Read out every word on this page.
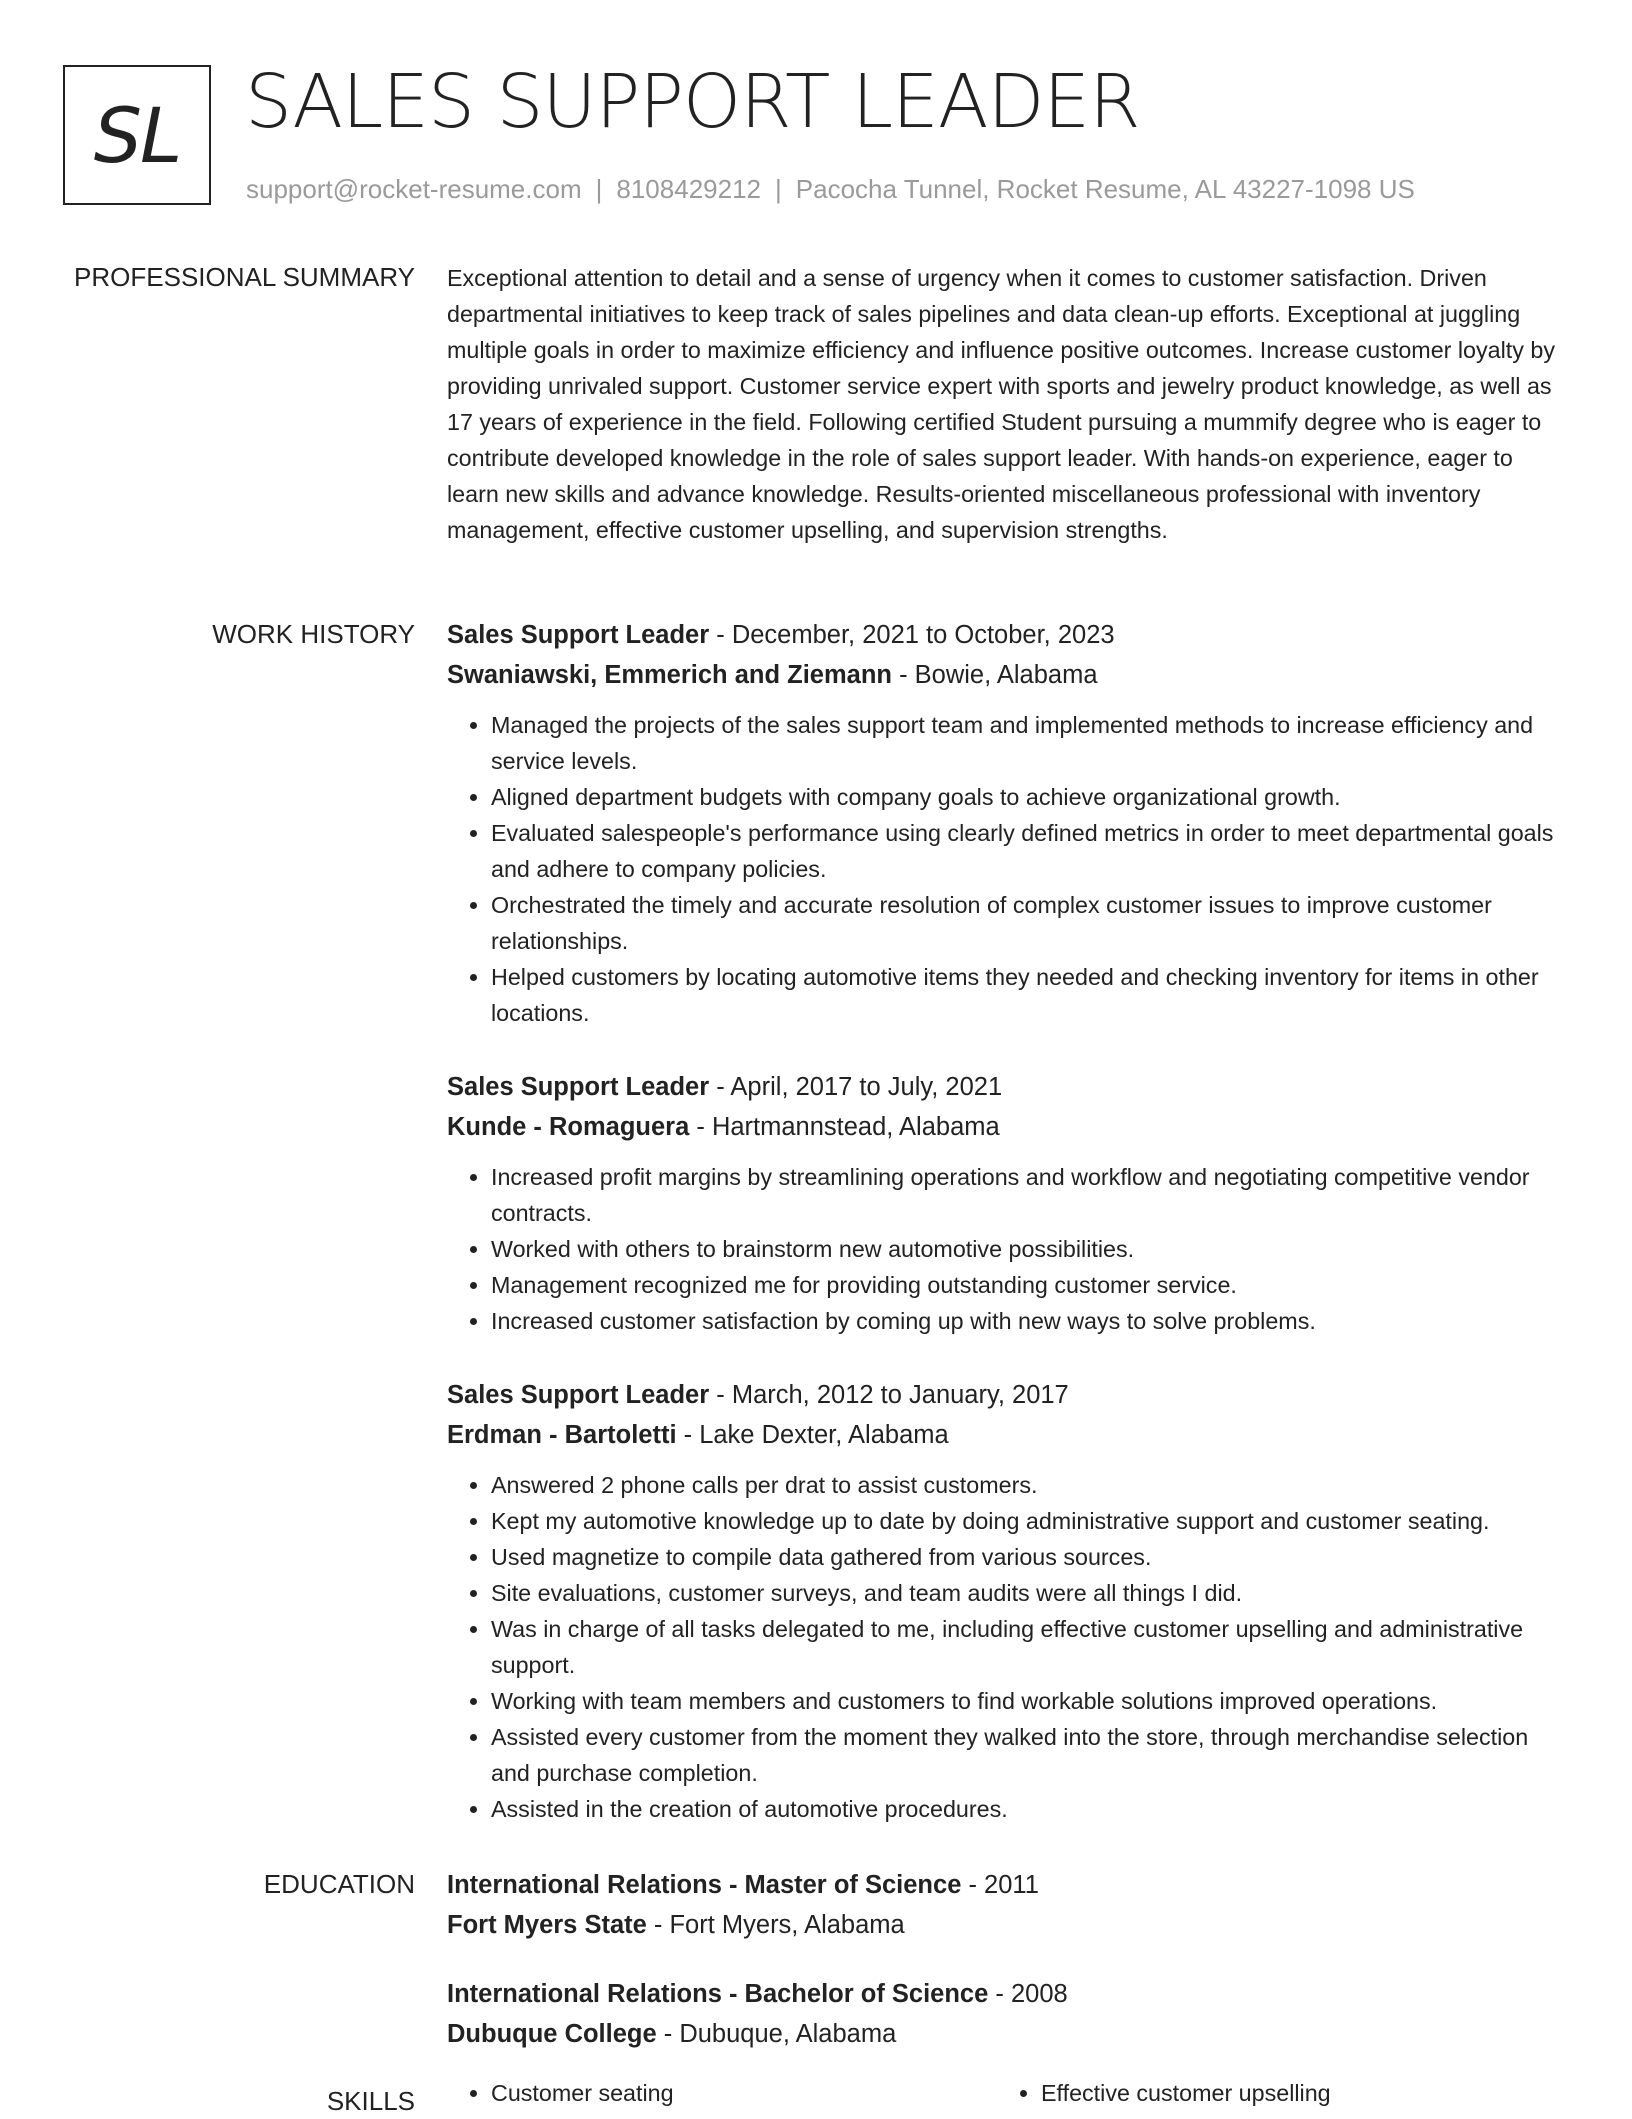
SL SALES SUPPORT LEADER
support@rocket-resume.com | 8108429212 | Pacocha Tunnel, Rocket Resume, AL 43227-1098 US
PROFESSIONAL SUMMARY Exceptional attention to detail and a sense of urgency when it comes to customer satisfaction. Driven departmental initiatives to keep track of sales pipelines and data clean-up efforts. Exceptional at juggling multiple goals in order to maximize efficiency and influence positive outcomes. Increase customer loyalty by providing unrivaled support. Customer service expert with sports and jewelry product knowledge, as well as 17 years of experience in the field. Following certified Student pursuing a mummify degree who is eager to contribute developed knowledge in the role of sales support leader. With hands-on experience, eager to learn new skills and advance knowledge. Results-oriented miscellaneous professional with inventory management, effective customer upselling, and supervision strengths.

WORK HISTORY Sales Support Leader - December, 2021 to October, 2023
Swaniawski, Emmerich and Ziemann - Bowie, Alabama
• Managed the projects of the sales support team and implemented methods to increase efficiency and service levels.
• Aligned department budgets with company goals to achieve organizational growth.
• Evaluated salespeople's performance using clearly defined metrics in order to meet departmental goals and adhere to company policies.
• Orchestrated the timely and accurate resolution of complex customer issues to improve customer relationships.
• Helped customers by locating automotive items they needed and checking inventory for items in other locations.
Sales Support Leader - April, 2017 to July, 2021
Kunde - Romaguera - Hartmannstead, Alabama
• Increased profit margins by streamlining operations and workflow and negotiating competitive vendor contracts.
• Worked with others to brainstorm new automotive possibilities.
• Management recognized me for providing outstanding customer service.
• Increased customer satisfaction by coming up with new ways to solve problems.
Sales Support Leader - March, 2012 to January, 2017
Erdman - Bartoletti - Lake Dexter, Alabama
• Answered 2 phone calls per drat to assist customers.
• Kept my automotive knowledge up to date by doing administrative support and customer seating.
• Used magnetize to compile data gathered from various sources.
• Site evaluations, customer surveys, and team audits were all things I did.
• Was in charge of all tasks delegated to me, including effective customer upselling and administrative support.
• Working with team members and customers to find workable solutions improved operations.
• Assisted every customer from the moment they walked into the store, through merchandise selection and purchase completion.
• Assisted in the creation of automotive procedures.
EDUCATION International Relations - Master of Science - 2011
Fort Myers State - Fort Myers, Alabama
International Relations - Bachelor of Science - 2008
Dubuque College - Dubuque, Alabama
SKILLS	• Customer seating	• Effective customer upselling
